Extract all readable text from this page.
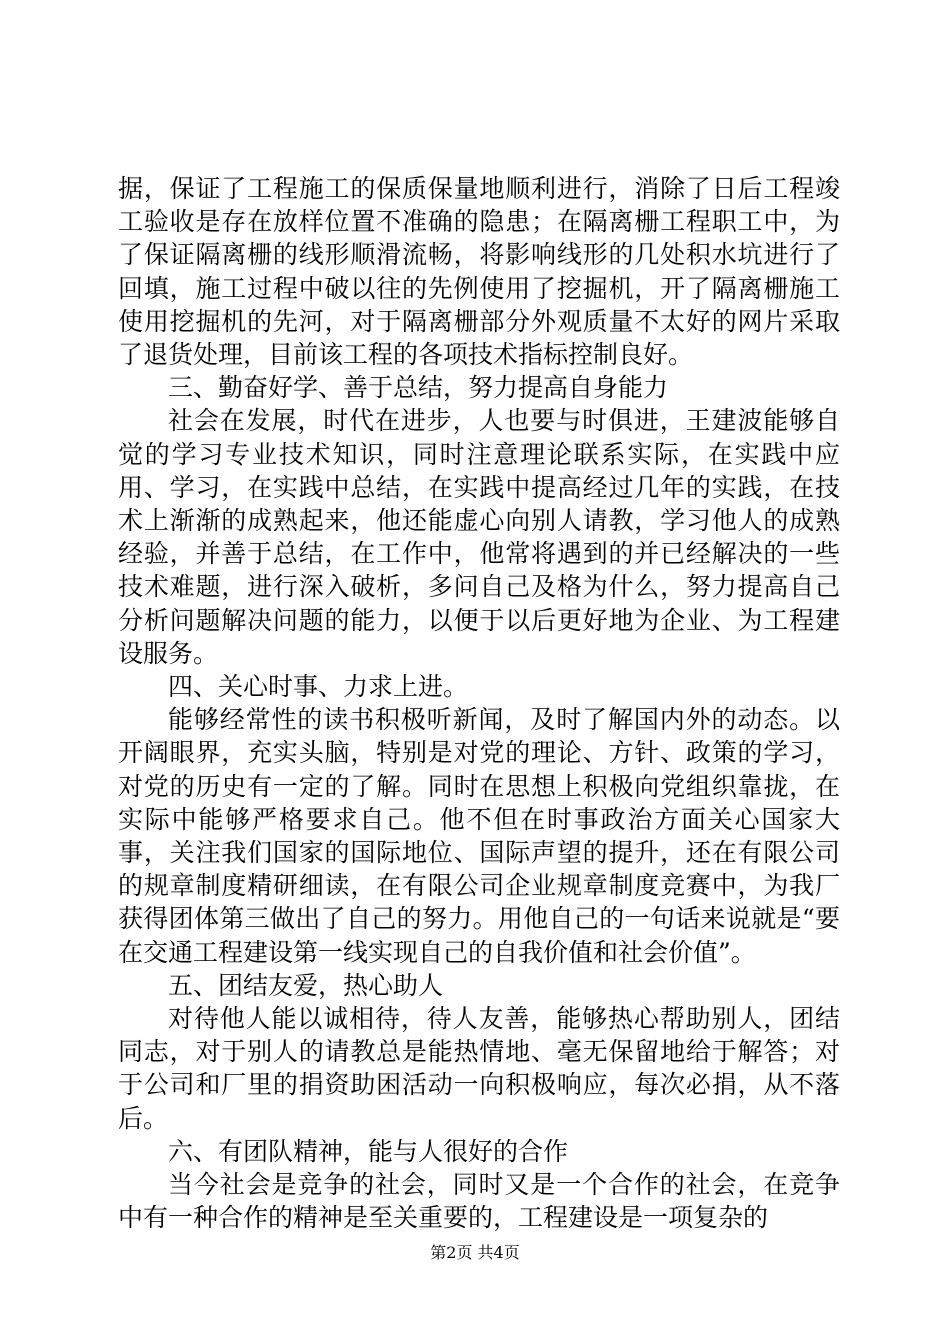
据，保证了工程施工的保质保量地顺利进行，消除了日后工程竣工验收是存在放样位置不准确的隐患；在隔离栅工程职工中，为了保证隔离栅的线形顺滑流畅，将影响线形的几处积水坑进行了回填，施工过程中破以往的先例使用了挖掘机，开了隔离栅施工使用挖掘机的先河，对于隔离栅部分外观质量不太好的网片采取了退货处理，目前该工程的各项技术指标控制良好。

三、勤奋好学、善于总结，努力提高自身能力

社会在发展，时代在进步，人也要与时俱进，王建波能够自觉的学习专业技术知识，同时注意理论联系实际，在实践中应用、学习，在实践中总结，在实践中提高经过几年的实践，在技术上渐渐的成熟起来，他还能虚心向别人请教，学习他人的成熟经验，并善于总结，在工作中，他常将遇到的并已经解决的一些技术难题，进行深入破析，多问自己及格为什么，努力提高自己分析问题解决问题的能力，以便于以后更好地为企业、为工程建设服务。

四、关心时事、力求上进。

能够经常性的读书积极听新闻，及时了解国内外的动态。以开阔眼界，充实头脑，特别是对党的理论、方针、政策的学习，对党的历史有一定的了解。同时在思想上积极向党组织靠拢，在实际中能够严格要求自己。他不但在时事政治方面关心国家大事，关注我们国家的国际地位、国际声望的提升，还在有限公司的规章制度精研细读，在有限公司企业规章制度竞赛中，为我厂获得团体第三做出了自己的努力。用他自己的一句话来说就是“要在交通工程建设第一线实现自己的自我价值和社会价值”。

五、团结友爱，热心助人

对待他人能以诚相待，待人友善，能够热心帮助别人，团结同志，对于别人的请教总是能热情地、毫无保留地给于解答；对于公司和厂里的捐资助困活动一向积极响应，每次必捐，从不落后。

六、有团队精神，能与人很好的合作

当今社会是竞争的社会，同时又是一个合作的社会，在竞争中有一种合作的精神是至关重要的，工程建设是一项复杂的

第2页 共4页
